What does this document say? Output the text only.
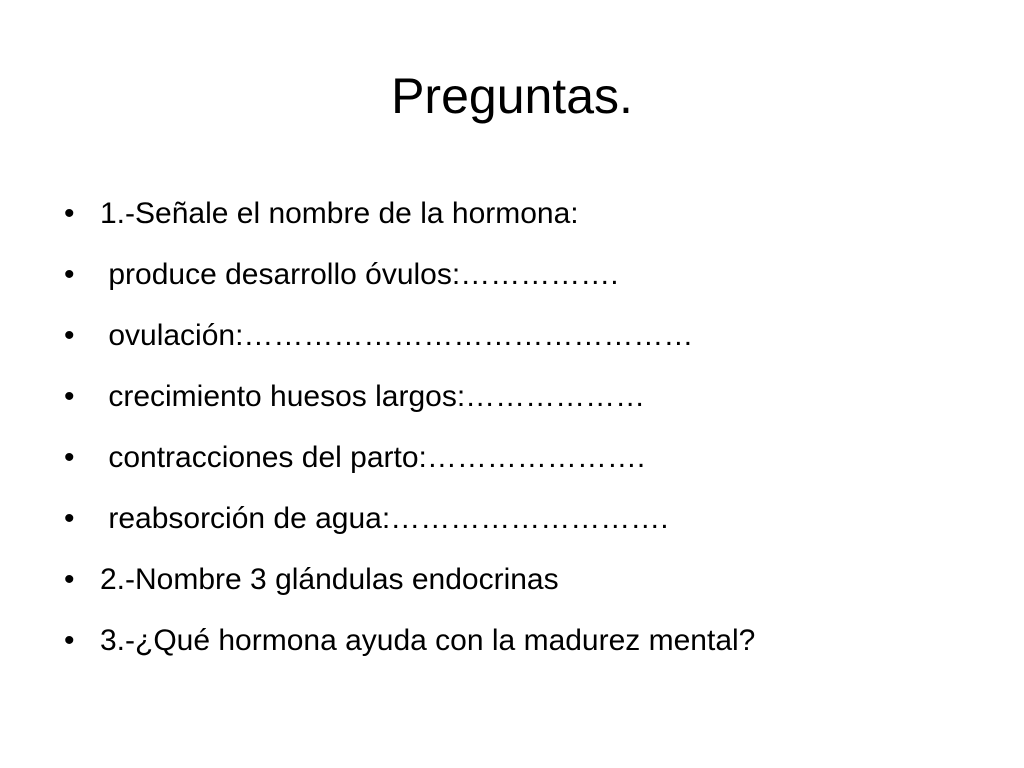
Preguntas.
• 1.-Señale el nombre de la hormona:
• produce desarrollo óvulos:…………….
• ovulación:………………………………………
• crecimiento huesos largos:………………
• contracciones del parto:………………….
• reabsorción de agua:……………………….
• 2.-Nombre 3 glándulas endocrinas
• 3.-¿Qué hormona ayuda con la madurez mental?
